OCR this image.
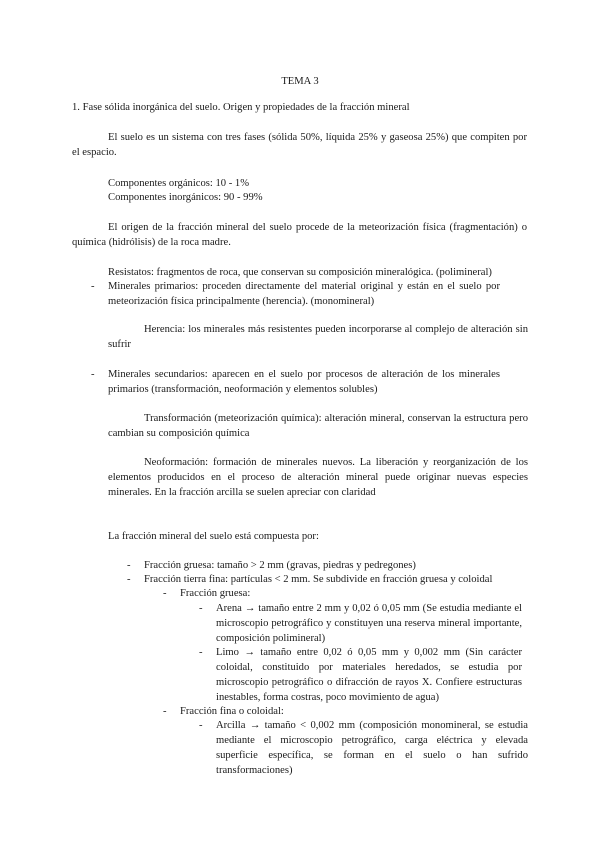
TEMA 3

1. Fase sólida inorgánica del suelo. Origen y propiedades de la fracción mineral

El suelo es un sistema con tres fases (sólida 50%, líquida 25% y gaseosa 25%) que compiten por el espacio.

Componentes orgánicos: 10 - 1%

Componentes inorgánicos: 90 - 99%

El origen de la fracción mineral del suelo procede de la meteorización física (fragmentación) o química (hidrólisis) de la roca madre.

Resistatos: fragmentos de roca, que conservan su composición mineralógica. (polimineral)

- Minerales primarios: proceden directamente del material original y están en el suelo por meteorización física principalmente (herencia). (monomineral)

Herencia: los minerales más resistentes pueden incorporarse al complejo de alteración sin sufrir

- Minerales secundarios: aparecen en el suelo por procesos de alteración de los minerales primarios (transformación, neoformación y elementos solubles)

Transformación (meteorización química): alteración mineral, conservan la estructura pero cambian su composición química

Neoformación: formación de minerales nuevos. La liberación y reorganización de los elementos producidos en el proceso de alteración mineral puede originar nuevas especies minerales. En la fracción arcilla se suelen apreciar con claridad

La fracción mineral del suelo está compuesta por:

- Fracción gruesa: tamaño > 2 mm (gravas, piedras y pedregones)

- Fracción tierra fina: partículas < 2 mm. Se subdivide en fracción gruesa y coloidal

- Fracción gruesa:

- Arena → tamaño entre 2 mm y 0,02 ó 0,05 mm (Se estudia mediante el microscopio petrográfico y constituyen una reserva mineral importante, composición polimineral)

- Limo → tamaño entre 0,02 ó 0,05 mm y 0,002 mm (Sin carácter coloidal, constituido por materiales heredados, se estudia por microscopio petrográfico o difracción de rayos X. Confiere estructuras inestables, forma costras, poco movimiento de agua)

- Fracción fina o coloidal:

- Arcilla → tamaño < 0,002 mm (composición monomineral, se estudia mediante el microscopio petrográfico, carga eléctrica y elevada superficie específica, se forman en el suelo o han sufrido transformaciones)
